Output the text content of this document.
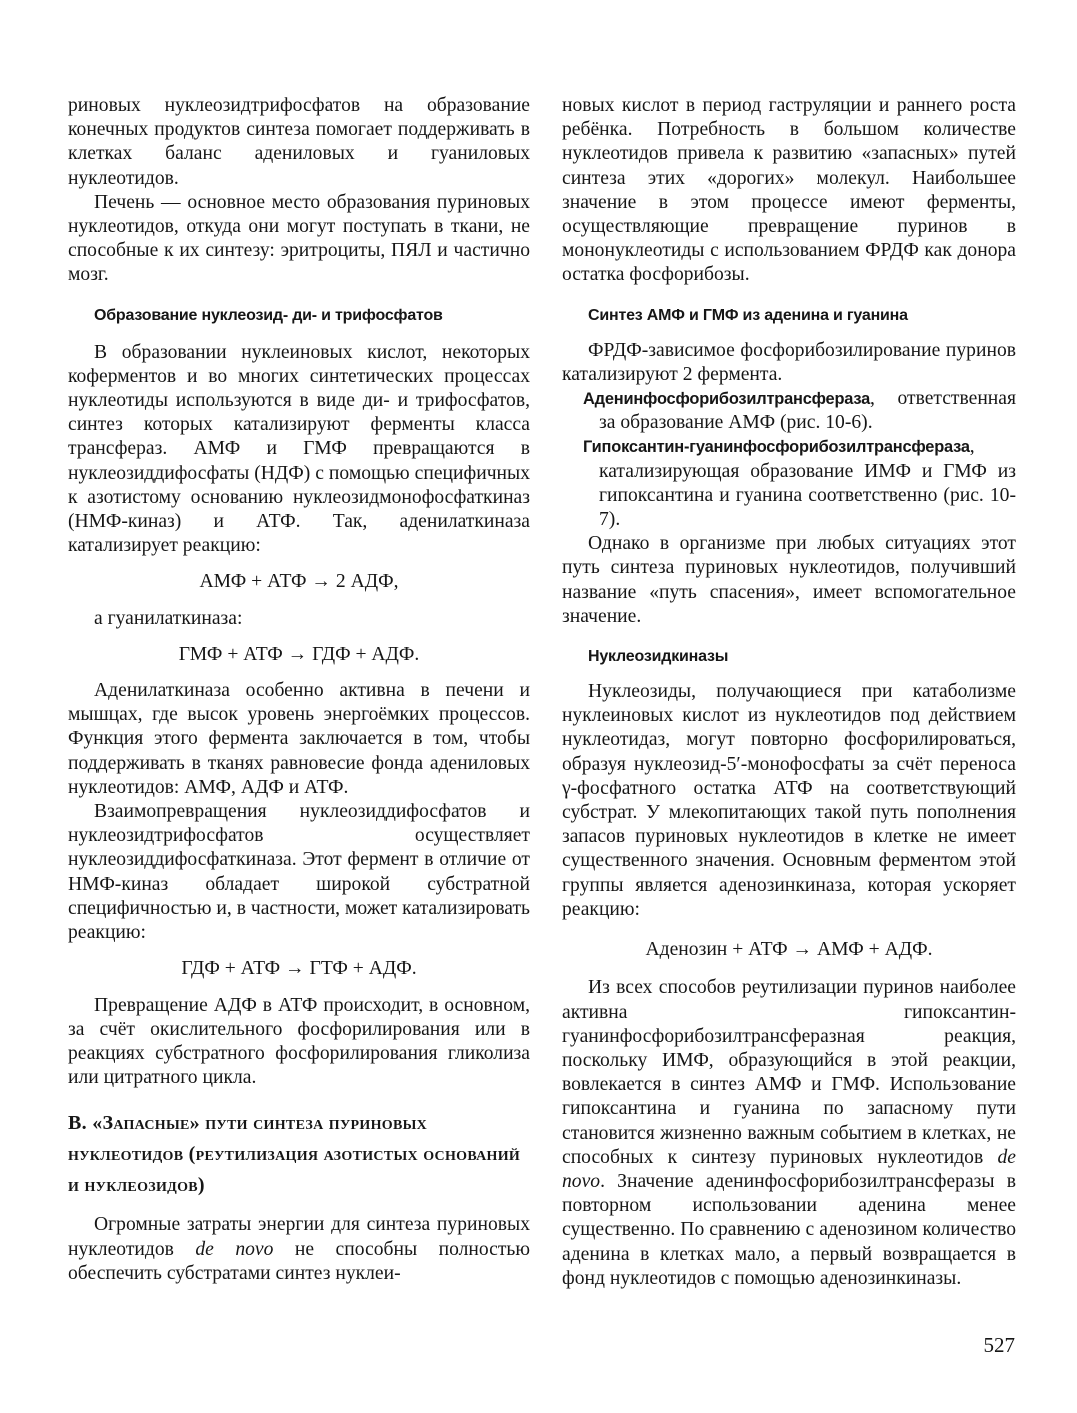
риновых нуклеозидтрифосфатов на образование конечных продуктов синтеза помогает поддерживать в клетках баланс адениловых и гуаниловых нуклеотидов.

Печень — основное место образования пуриновых нуклеотидов, откуда они могут поступать в ткани, не способные к их синтезу: эритроциты, ПЯЛ и частично мозг.

Образование нуклеозид- ди- и трифосфатов

В образовании нуклеиновых кислот, некоторых коферментов и во многих синтетических процессах нуклеотиды используются в виде ди- и трифосфатов, синтез которых катализируют ферменты класса трансфераз. АМФ и ГМФ превращаются в нуклеозиддифосфаты (НДФ) с помощью специфичных к азотистому основанию нуклеозидмонофосфаткиназ (НМФ-киназ) и АТФ. Так, аденилаткиназа катализирует реакцию:

АМФ + АТФ → 2 АДФ,

а гуанилаткиназа:

ГМФ + АТФ → ГДФ + АДФ.

Аденилаткиназа особенно активна в печени и мышцах, где высок уровень энергоёмких процессов. Функция этого фермента заключается в том, чтобы поддерживать в тканях равновесие фонда адениловых нуклеотидов: АМФ, АДФ и АТФ.

Взаимопревращения нуклеозиддифосфатов и нуклеозидтрифосфатов осуществляет нуклеозиддифосфаткиназа. Этот фермент в отличие от НМФ-киназ обладает широкой субстратной специфичностью и, в частности, может катализировать реакцию:

ГДФ + АТФ → ГТФ + АДФ.

Превращение АДФ в АТФ происходит, в основном, за счёт окислительного фосфорилирования или в реакциях субстратного фосфорилирования гликолиза или цитратного цикла.

В. «Запасные» пути синтеза пуриновых нуклеотидов (реутилизация азотистых оснований и нуклеозидов)

Огромные затраты энергии для синтеза пуриновых нуклеотидов de novo не способны полностью обеспечить субстратами синтез нуклеи-

новых кислот в период гаструляции и раннего роста ребёнка. Потребность в большом количестве нуклеотидов привела к развитию «запасных» путей синтеза этих «дорогих» молекул. Наибольшее значение в этом процессе имеют ферменты, осуществляющие превращение пуринов в мононуклеотиды с использованием ФРДФ как донора остатка фосфорибозы.

Синтез АМФ и ГМФ из аденина и гуанина

ФРДФ-зависимое фосфорибозилирование пуринов катализируют 2 фермента.

Аденинфосфорибозилтрансфераза, ответственная за образование АМФ (рис. 10-6).

Гипоксантин-гуанинфосфорибозилтрансфераза, катализирующая образование ИМФ и ГМФ из гипоксантина и гуанина соответственно (рис. 10-7).

Однако в организме при любых ситуациях этот путь синтеза пуриновых нуклеотидов, получивший название «путь спасения», имеет вспомогательное значение.

Нуклеозидкиназы

Нуклеозиды, получающиеся при катаболизме нуклеиновых кислот из нуклеотидов под действием нуклеотидаз, могут повторно фосфорилироваться, образуя нуклеозид-5′-монофосфаты за счёт переноса γ-фосфатного остатка АТФ на соответствующий субстрат. У млекопитающих такой путь пополнения запасов пуриновых нуклеотидов в клетке не имеет существенного значения. Основным ферментом этой группы является аденозинкиназа, которая ускоряет реакцию:

Аденозин + АТФ → АМФ + АДФ.

Из всех способов реутилизации пуринов наиболее активна гипоксантин-гуанинфосфорибозилтрансферазная реакция, поскольку ИМФ, образующийся в этой реакции, вовлекается в синтез АМФ и ГМФ. Использование гипоксантина и гуанина по запасному пути становится жизненно важным событием в клетках, не способных к синтезу пуриновых нуклеотидов de novo. Значение аденинфосфорибозилтрансферазы в повторном использовании аденина менее существенно. По сравнению с аденозином количество аденина в клетках мало, а первый возвращается в фонд нуклеотидов с помощью аденозинкиназы.

527
